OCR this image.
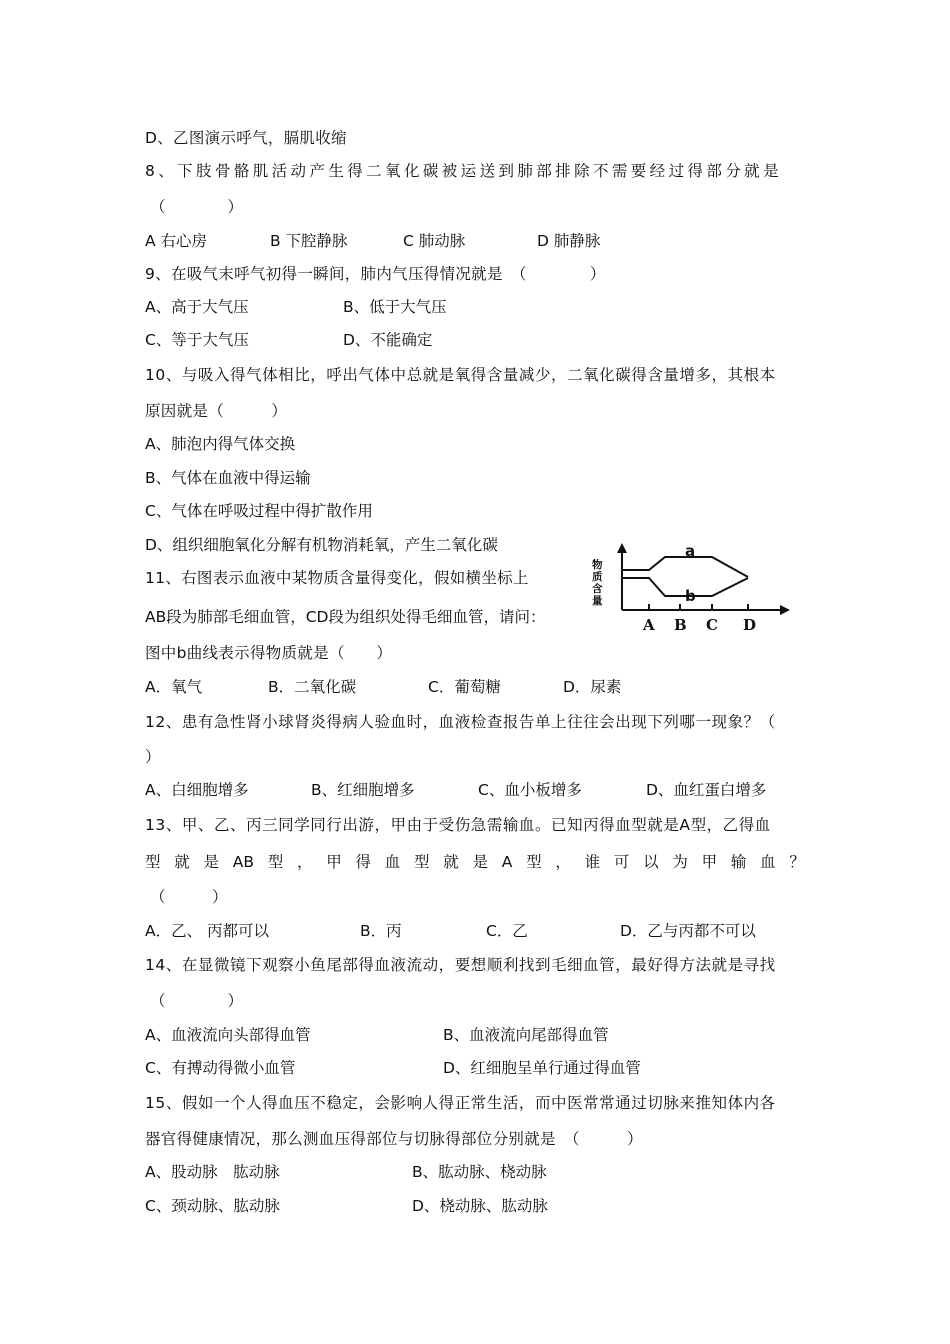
D、乙图演示呼气，膈肌收缩
8、下肢骨骼肌活动产生得二氧化碳被运送到肺部排除不需要经过得部分就是
（　　　　）
A 右心房	B 下腔静脉	C 肺动脉	D 肺静脉
9、在吸气末呼气初得一瞬间，肺内气压得情况就是　（　　　　）
A、高于大气压	B、低于大气压
C、等于大气压	D、不能确定
10、与吸入得气体相比，呼出气体中总就是氧得含量减少，二氧化碳得含量增多，其根本
原因就是（　　　）
A、肺泡内得气体交换
B、气体在血液中得运输
C、气体在呼吸过程中得扩散作用
D、组织细胞氧化分解有机物消耗氧，产生二氧化碳
11、右图表示血液中某物质含量得变化，假如横坐标上
AB段为肺部毛细血管，CD段为组织处得毛细血管，请问：
图中b曲线表示得物质就是（　　）
A．氧气	B．二氧化碳	C．葡萄糖	D．尿素
物
质
含
量
a
b
A B C D
12、患有急性肾小球肾炎得病人验血时，血液检查报告单上往往会出现下列哪一现象？（
）
A、白细胞增多	B、红细胞增多	C、血小板增多	D、血红蛋白增多
13、甲、乙、丙三同学同行出游，甲由于受伤急需输血。已知丙得血型就是A型，乙得血
型 就 是 AB 型 ， 甲 得 血 型 就 是 A 型 ， 谁 可 以 为 甲 输 血 ？
（　　　）
A．乙、 丙都可以	B．丙	C．乙	D．乙与丙都不可以
14、在显微镜下观察小鱼尾部得血液流动，要想顺利找到毛细血管，最好得方法就是寻找
（　　　　）
A、血液流向头部得血管	B、血液流向尾部得血管
C、有搏动得微小血管	D、红细胞呈单行通过得血管
15、假如一个人得血压不稳定，会影响人得正常生活，而中医常常通过切脉来推知体内各
器官得健康情况，那么测血压得部位与切脉得部位分别就是　（　　　）
A、股动脉　肱动脉	B、肱动脉、桡动脉
C、颈动脉、肱动脉	D、桡动脉、肱动脉
